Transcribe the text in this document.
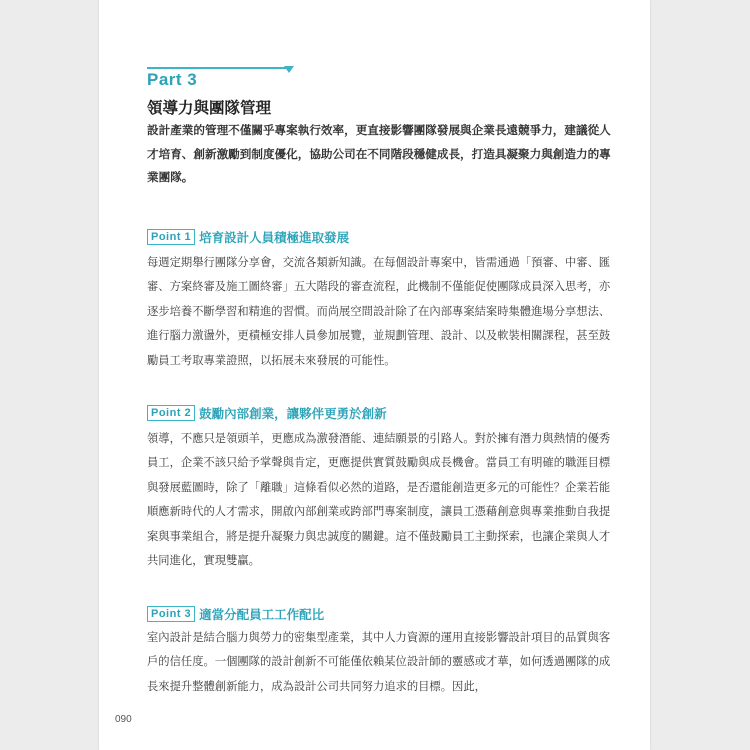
Part 3

領導力與團隊管理

設計產業的管理不僅關乎專案執行效率，更直接影響團隊發展與企業長遠競爭力，建議從人才培育、創新激勵到制度優化，協助公司在不同階段穩健成長，打造具凝聚力與創造力的專業團隊。

Point 1 培育設計人員積極進取發展

每週定期舉行團隊分享會，交流各類新知識。在每個設計專案中，皆需通過「預審、中審、匯審、方案終審及施工圖終審」五大階段的審查流程，此機制不僅能促使團隊成員深入思考，亦逐步培養不斷學習和精進的習慣。而尚展空間設計除了在內部專案結案時集體進場分享想法、進行腦力激盪外，更積極安排人員參加展覽，並規劃管理、設計、以及軟裝相關課程，甚至鼓勵員工考取專業證照，以拓展未來發展的可能性。

Point 2 鼓勵內部創業，讓夥伴更勇於創新

領導，不應只是領頭羊，更應成為激發潛能、連結願景的引路人。對於擁有潛力與熱情的優秀員工，企業不該只給予掌聲與肯定，更應提供實質鼓勵與成長機會。當員工有明確的職涯目標與發展藍圖時，除了「離職」這條看似必然的道路，是否還能創造更多元的可能性？企業若能順應新時代的人才需求，開啟內部創業或跨部門專案制度，讓員工憑藉創意與專業推動自我提案與事業組合，將是提升凝聚力與忠誠度的關鍵。這不僅鼓勵員工主動探索，也讓企業與人才共同進化，實現雙贏。

Point 3 適當分配員工工作配比

室內設計是結合腦力與勞力的密集型產業，其中人力資源的運用直接影響設計項目的品質與客戶的信任度。一個團隊的設計創新不可能僅依賴某位設計師的靈感或才華，如何透過團隊的成長來提升整體創新能力，成為設計公司共同努力追求的目標。因此，

090
